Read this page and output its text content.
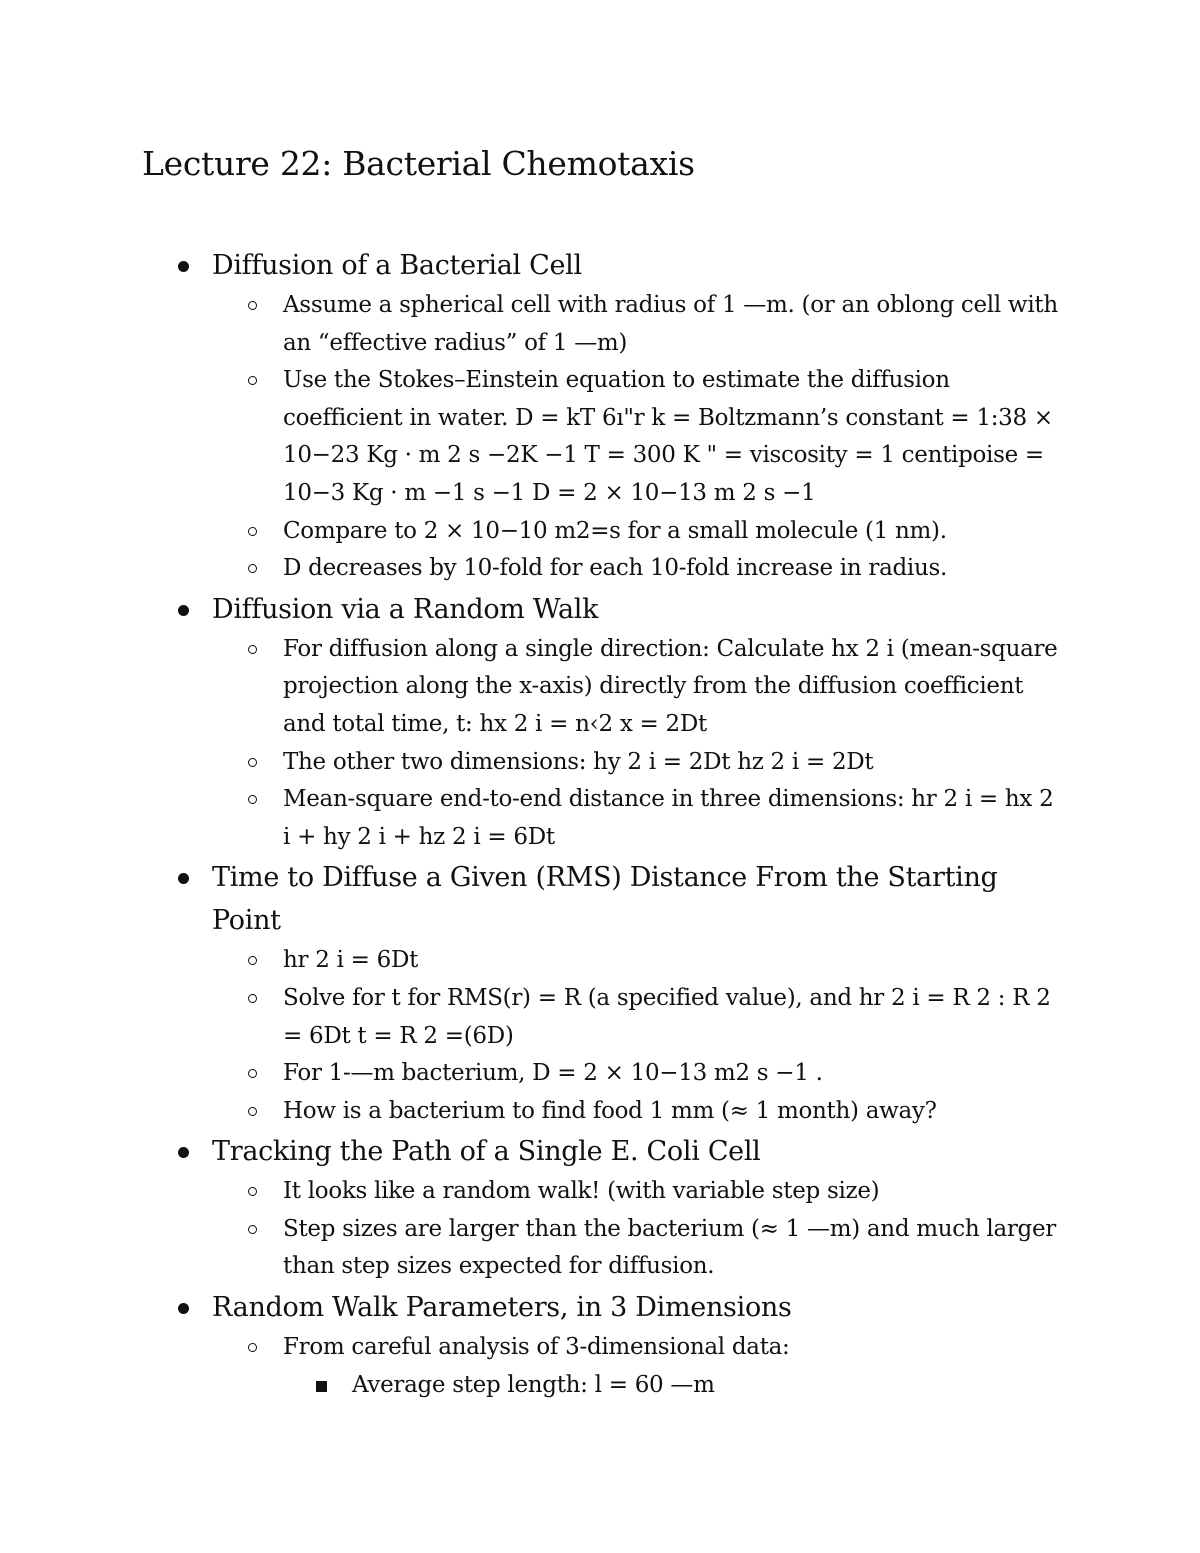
Lecture 22: Bacterial Chemotaxis
Diffusion of a Bacterial Cell
Assume a spherical cell with radius of 1 —m. (or an oblong cell with an “effective radius” of 1 —m)
Use the Stokes–Einstein equation to estimate the diffusion coefficient in water. D = kT 6ı"r k = Boltzmann’s constant = 1:38 × 10−23 Kg · m 2 s −2K −1 T = 300 K " = viscosity = 1 centipoise = 10−3 Kg · m −1 s −1 D = 2 × 10−13 m 2 s −1
Compare to 2 × 10−10 m2=s for a small molecule (1 nm).
D decreases by 10-fold for each 10-fold increase in radius.
Diffusion via a Random Walk
For diffusion along a single direction: Calculate hx 2 i (mean-square projection along the x-axis) directly from the diffusion coefficient and total time, t: hx 2 i = n‹2 x = 2Dt
The other two dimensions: hy 2 i = 2Dt hz 2 i = 2Dt
Mean-square end-to-end distance in three dimensions: hr 2 i = hx 2 i + hy 2 i + hz 2 i = 6Dt
Time to Diffuse a Given (RMS) Distance From the Starting Point
hr 2 i = 6Dt
Solve for t for RMS(r) = R (a specified value), and hr 2 i = R 2 : R 2 = 6Dt t = R 2 =(6D)
For 1-—m bacterium, D = 2 × 10−13 m2 s −1 .
How is a bacterium to find food 1 mm (≈ 1 month) away?
Tracking the Path of a Single E. Coli Cell
It looks like a random walk! (with variable step size)
Step sizes are larger than the bacterium (≈ 1 —m) and much larger than step sizes expected for diffusion.
Random Walk Parameters, in 3 Dimensions
From careful analysis of 3-dimensional data:
Average step length: l = 60 —m
